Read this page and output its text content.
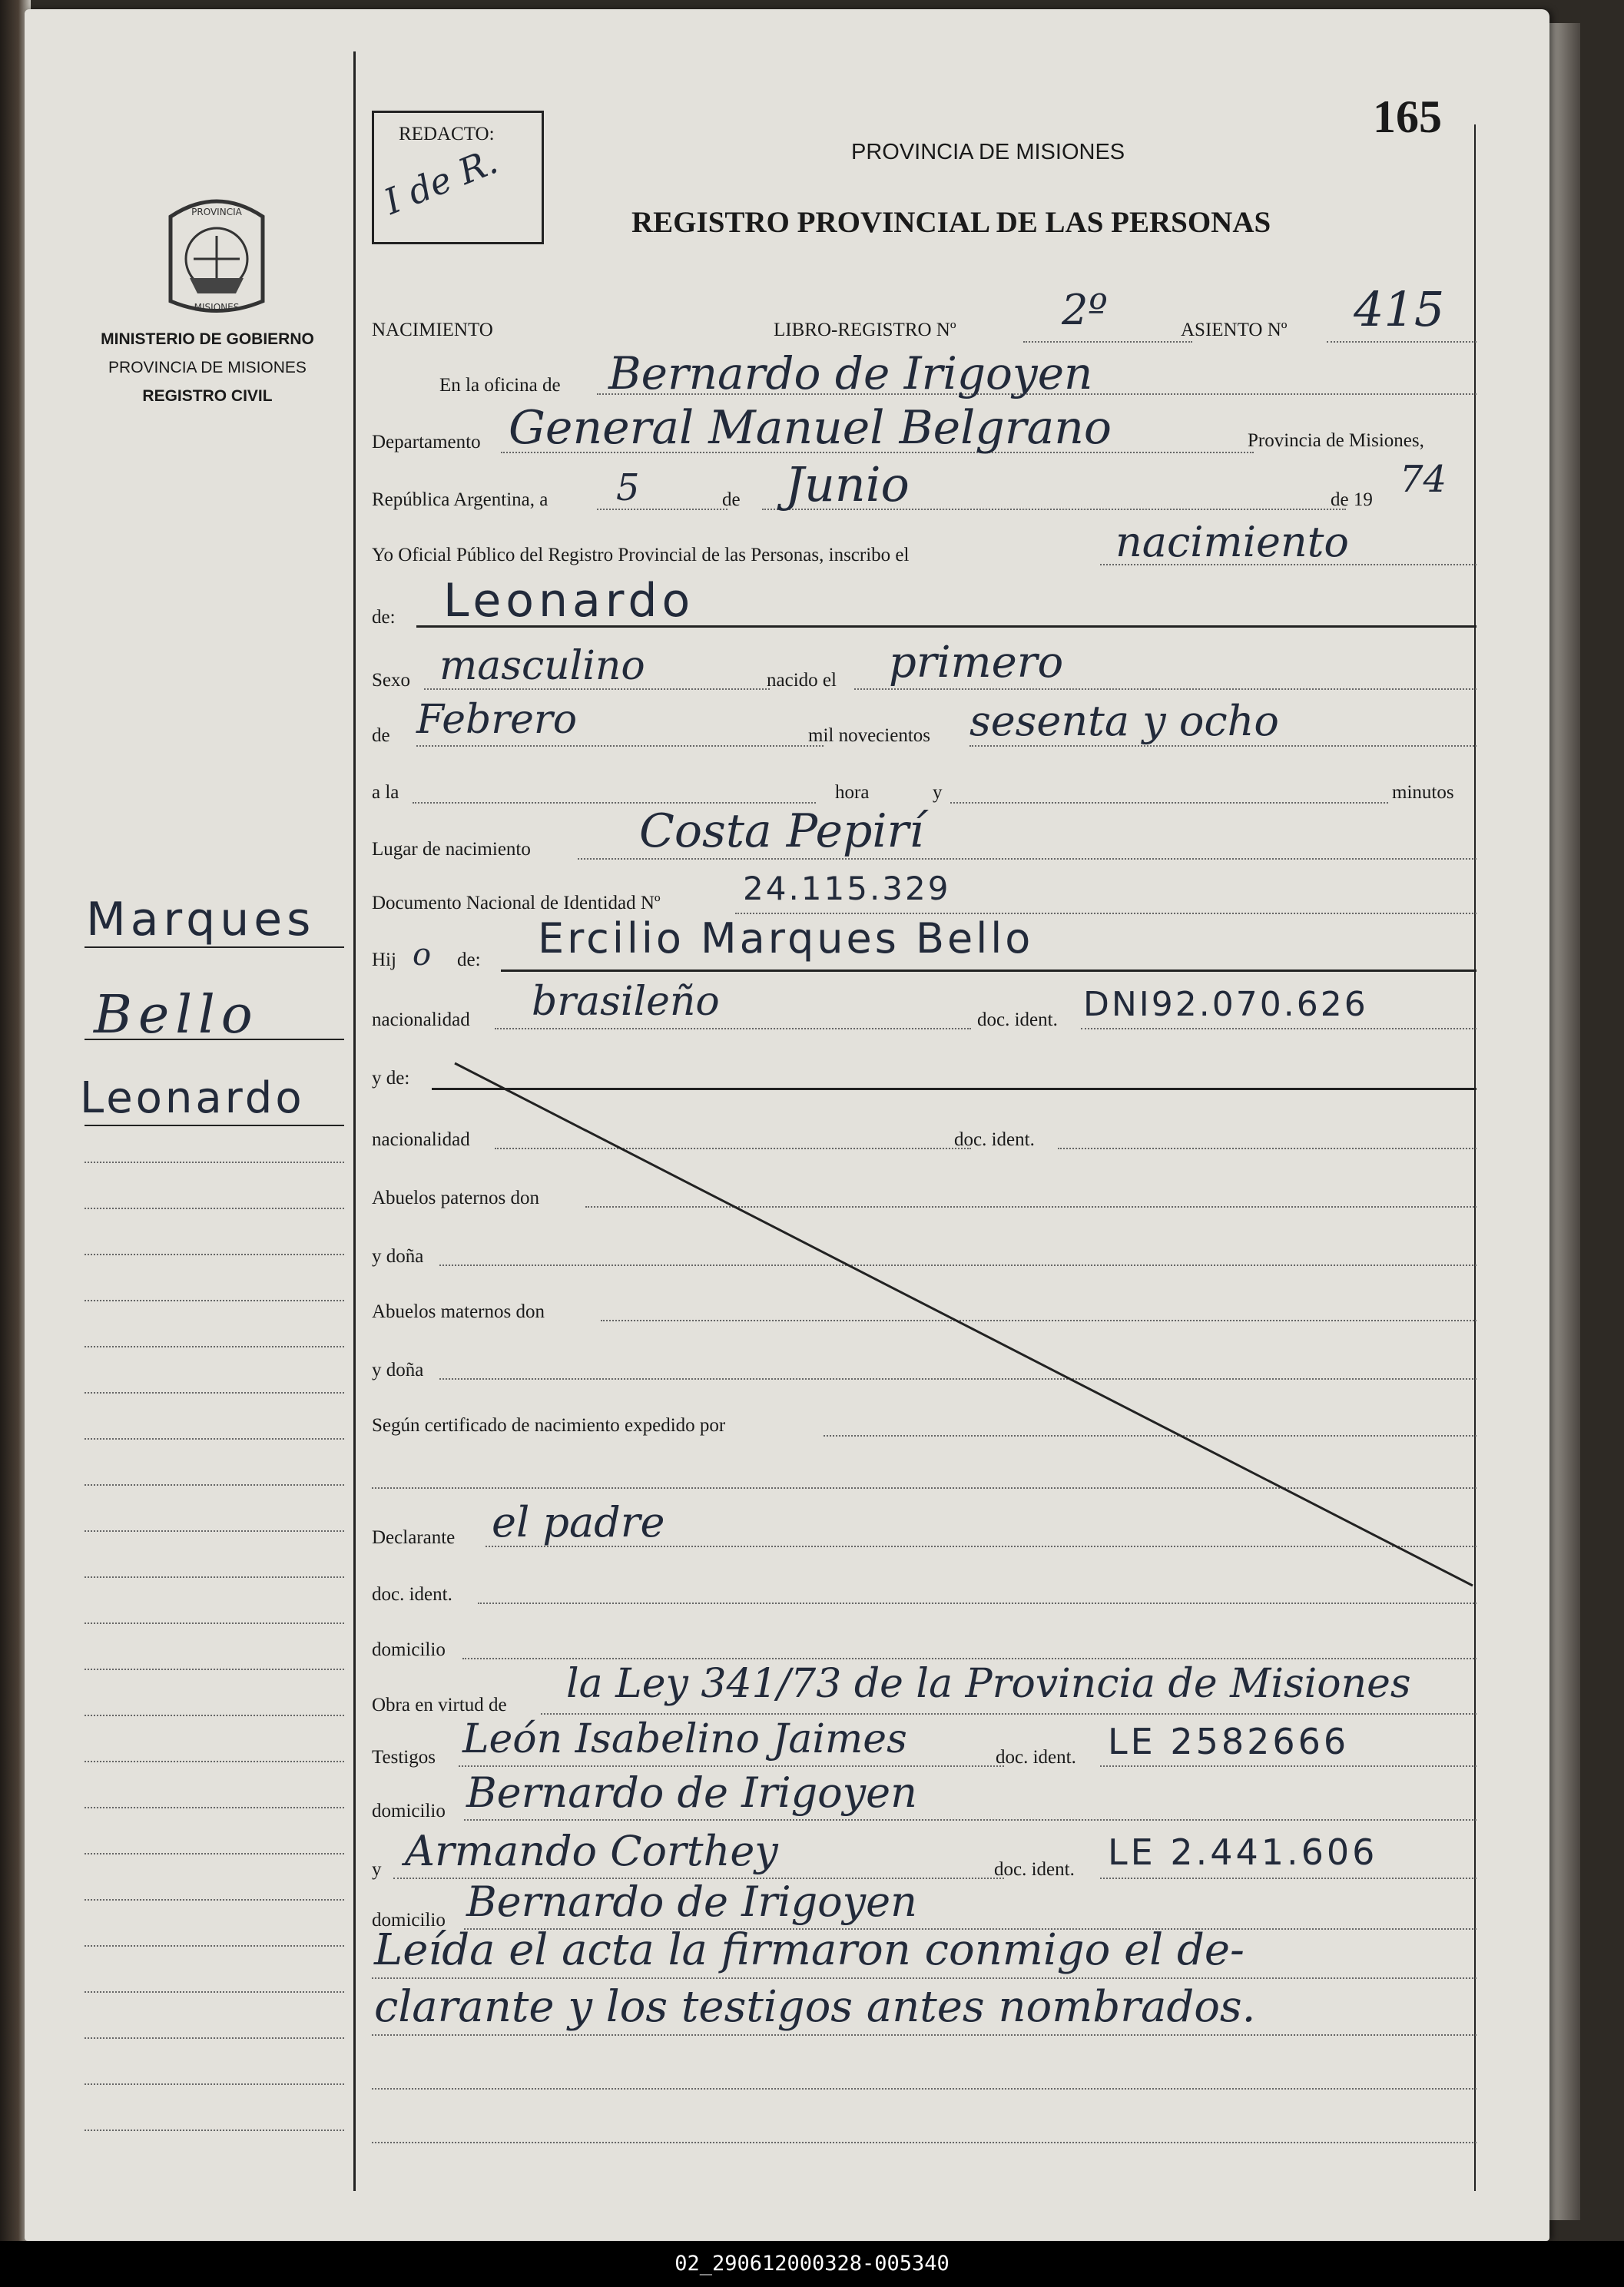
PROVINCIA
MISIONES
MINISTERIO DE GOBIERNO
PROVINCIA DE MISIONES
REGISTRO CIVIL
Marques
Bello
Leonardo
REDACTO:
I de R.
165
PROVINCIA DE MISIONES
REGISTRO PROVINCIAL DE LAS PERSONAS
NACIMIENTO	LIBRO-REGISTRO Nº	2º	ASIENTO Nº 415
En la oficina de Bernardo de Irigoyen
Departamento General Manuel Belgrano	Provincia de Misiones,
República Argentina, a 5	de Junio	de 19 74
Yo Oficial Público del Registro Provincial de las Personas, inscribo el	nacimiento
de: Leonardo
Sexo masculino	nacido el primero
de Febrero	mil novecientos sesenta y ocho
a la	hora	y	minutos
Lugar de nacimiento Costa Pepirí
Documento Nacional de Identidad Nº	24.115.329
Hij o de: Ercilio Marques Bello
nacionalidad brasileño	doc. ident. DNI92.070.626
y de:
nacionalidad	doc. ident.
Abuelos paternos don
y doña
Abuelos maternos don
y doña
Según certificado de nacimiento expedido por
Declarante el padre
doc. ident.
domicilio
Obra en virtud de la Ley 341/73 de la Provincia de Misiones
Testigos León Isabelino Jaimes	doc. ident. LE 2582666
domicilio Bernardo de Irigoyen
y Armando Corthey	doc. ident. LE 2.441.606
domicilio Bernardo de Irigoyen
Leída el acta la firmaron conmigo el de-
clarante y los testigos antes nombrados.
02_290612000328-005340
